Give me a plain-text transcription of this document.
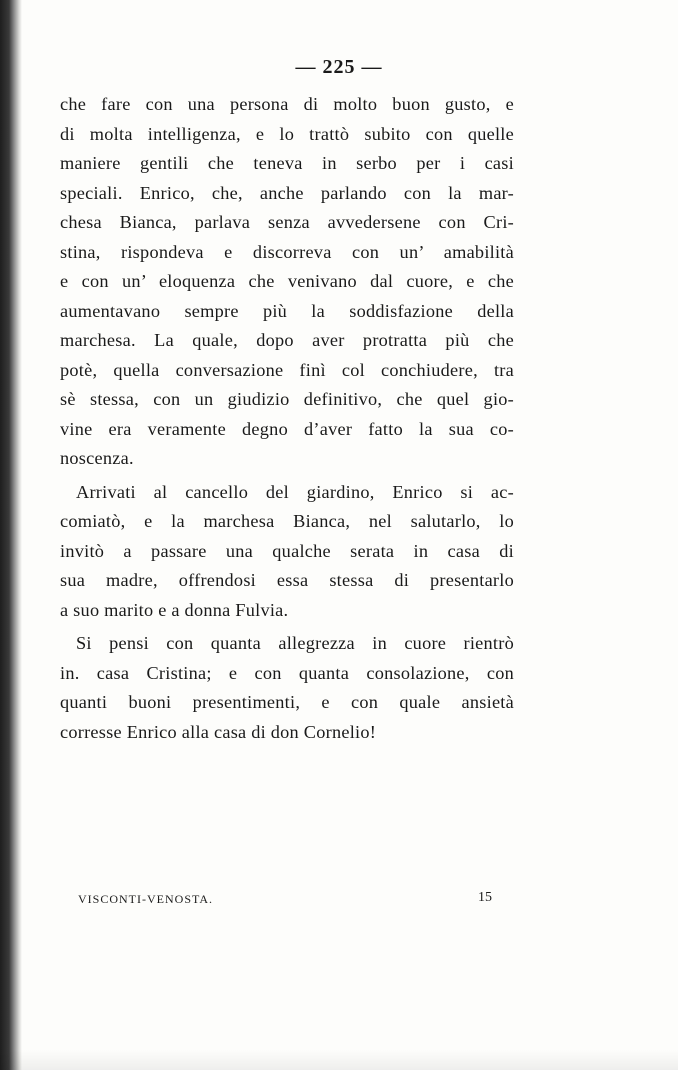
— 225 —
che fare con una persona di molto buon gusto, e
di molta intelligenza, e lo trattò subito con quelle
maniere gentili che teneva in serbo per i casi
speciali. Enrico, che, anche parlando con la mar-
chesa Bianca, parlava senza avvedersene con Cri-
stina, rispondeva e discorreva con un’ amabilità
e con un’ eloquenza che venivano dal cuore, e che
aumentavano sempre più la soddisfazione della
marchesa. La quale, dopo aver protratta più che
potè, quella conversazione finì col conchiudere, tra
sè stessa, con un giudizio definitivo, che quel gio-
vine era veramente degno d’aver fatto la sua co-
noscenza.
Arrivati al cancello del giardino, Enrico si ac-
comiatò, e la marchesa Bianca, nel salutarlo, lo
invitò a passare una qualche serata in casa di
sua madre, offrendosi essa stessa di presentarlo
a suo marito e a donna Fulvia.
Si pensi con quanta allegrezza in cuore rientrò
in. casa Cristina; e con quanta consolazione, con
quanti buoni presentimenti, e con quale ansietà
corresse Enrico alla casa di don Cornelio!
VISCONTI-VENOSTA.	15
